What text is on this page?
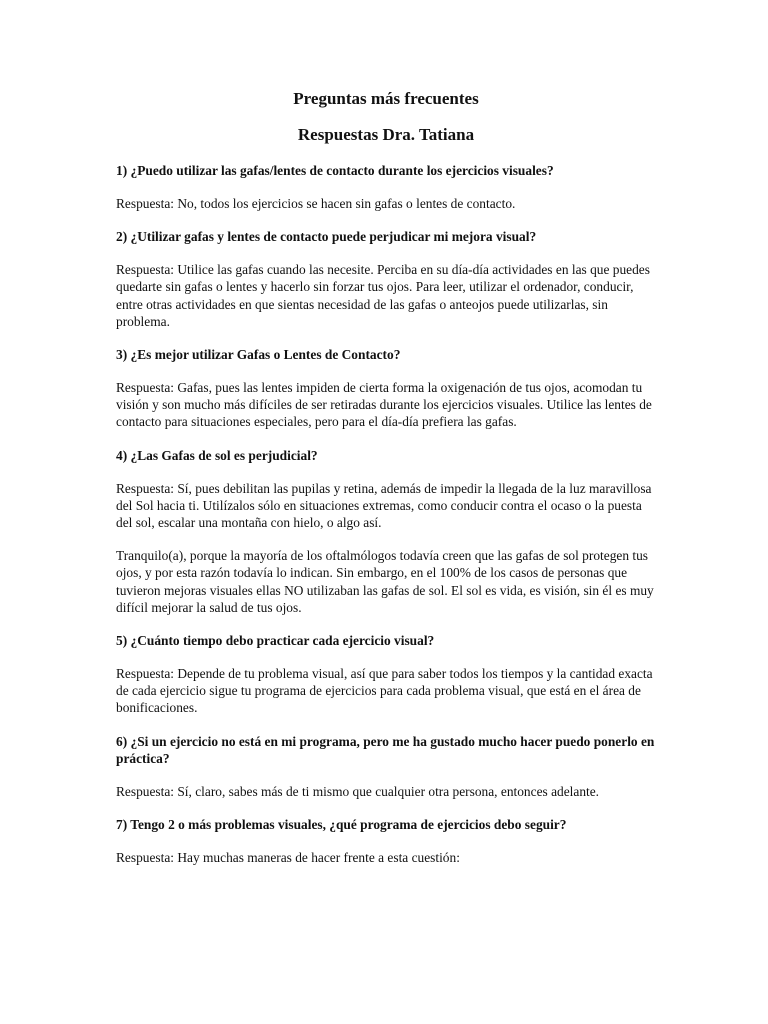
Preguntas más frecuentes
Respuestas Dra. Tatiana

1) ¿Puedo utilizar las gafas/lentes de contacto durante los ejercicios visuales?

Respuesta: No, todos los ejercicios se hacen sin gafas o lentes de contacto.

2) ¿Utilizar gafas y lentes de contacto puede perjudicar mi mejora visual?

Respuesta: Utilice las gafas cuando las necesite. Perciba en su día-día actividades en las que puedes quedarte sin gafas o lentes y hacerlo sin forzar tus ojos. Para leer, utilizar el ordenador, conducir, entre otras actividades en que sientas necesidad de las gafas o anteojos puede utilizarlas, sin problema.

3) ¿Es mejor utilizar Gafas o Lentes de Contacto?

Respuesta: Gafas, pues las lentes impiden de cierta forma la oxigenación de tus ojos, acomodan tu visión y son mucho más difíciles de ser retiradas durante los ejercicios visuales. Utilice las lentes de contacto para situaciones especiales, pero para el día-día prefiera las gafas.

4) ¿Las Gafas de sol es perjudicial?

Respuesta: Sí, pues debilitan las pupilas y retina, además de impedir la llegada de la luz maravillosa del Sol hacia ti. Utilízalos sólo en situaciones extremas, como conducir contra el ocaso o la puesta del sol, escalar una montaña con hielo, o algo así.

Tranquilo(a), porque la mayoría de los oftalmólogos todavía creen que las gafas de sol protegen tus ojos, y por esta razón todavía lo indican. Sin embargo, en el 100% de los casos de personas que tuvieron mejoras visuales ellas NO utilizaban las gafas de sol. El sol es vida, es visión, sin él es muy difícil mejorar la salud de tus ojos.

5) ¿Cuánto tiempo debo practicar cada ejercicio visual?

Respuesta: Depende de tu problema visual, así que para saber todos los tiempos y la cantidad exacta de cada ejercicio sigue tu programa de ejercicios para cada problema visual, que está en el área de bonificaciones.

6) ¿Si un ejercicio no está en mi programa, pero me ha gustado mucho hacer puedo ponerlo en práctica?

Respuesta: Sí, claro, sabes más de ti mismo que cualquier otra persona, entonces adelante.

7) Tengo 2 o más problemas visuales, ¿qué programa de ejercicios debo seguir?

Respuesta: Hay muchas maneras de hacer frente a esta cuestión:
